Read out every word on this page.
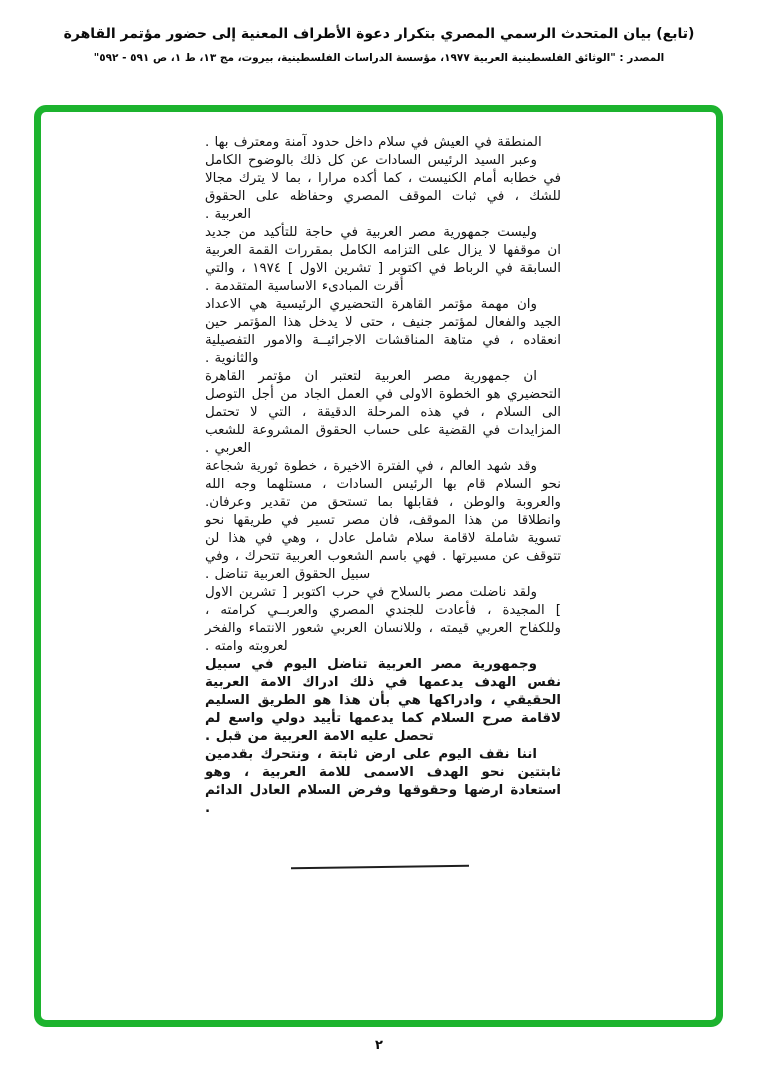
(تابع) بيان المتحدث الرسمي المصري بتكرار دعوة الأطراف المعنية إلى حضور مؤتمر القاهرة
المصدر : "الوثائق الفلسطينية العربية ١٩٧٧، مؤسسة الدراسات الفلسطينية، بيروت، مج ١٣، ط ١، ص ٥٩١ - ٥٩٢"

المنطقة في العيش في سلام داخل حدود آمنة ومعترف بها .

وعبر السيد الرئيس السادات عن كل ذلك بالوضوح الكامل في خطابه أمام الكنيست ، كما أكده مرارا ، بما لا يترك مجالا للشك ، في ثبات الموقف المصري وحفاظه على الحقوق العربية .

وليست جمهورية مصر العربية في حاجة للتأكيد من جديد ان موقفها لا يزال على التزامه الكامل بمقررات القمة العربية السابقة في الرباط في اكتوبر [ تشرين الاول ] ١٩٧٤ ، والتي أقرت المبادىء الاساسية المتقدمة .

وان مهمة مؤتمر القاهرة التحضيري الرئيسية هي الاعداد الجيد والفعال لمؤتمر جنيف ، حتى لا يدخل هذا المؤتمر حين انعقاده ، في متاهة المناقشات الاجرائيــة والامور التفصيلية والثانوية .

ان جمهورية مصر العربية لتعتبر ان مؤتمر القاهرة التحضيري هو الخطوة الاولى في العمل الجاد من أجل التوصل الى السلام ، في هذه المرحلة الدقيقة ، التي لا تحتمل المزايدات في القضية على حساب الحقوق المشروعة للشعب العربي .

وقد شهد العالم ، في الفترة الاخيرة ، خطوة ثورية شجاعة نحو السلام قام بها الرئيس السادات ، مستلهما وجه الله والعروبة والوطن ، فقابلها بما تستحق من تقدير وعرفان. وانطلاقا من هذا الموقف، فان مصر تسير في طريقها نحو تسوية شاملة لاقامة سلام شامل عادل ، وهي في هذا لن تتوقف عن مسيرتها . فهي باسم الشعوب العربية تتحرك ، وفي سبيل الحقوق العربية تناضل .

ولقد ناضلت مصر بالسلاح في حرب اكتوبر [ تشرين الاول ] المجيدة ، فأعادت للجندي المصري والعربــي كرامته ، وللكفاح العربي قيمته ، وللانسان العربي شعور الانتماء والفخر لعروبته وامته .

وجمهورية مصر العربية تناضل اليوم في سبيل نفس الهدف يدعمها في ذلك ادراك الامة العربية الحقيقي ، وادراكها هي بأن هذا هو الطريق السليم لاقامة صرح السلام كما يدعمها تأييد دولي واسع لم تحصل عليه الامة العربية من قبل .

اننا نقف اليوم على ارض ثابتة ، ونتحرك بقدمين ثابتتين نحو الهدف الاسمى للامة العربية ، وهو استعادة ارضها وحقوقها وفرض السلام العادل الدائم .

٢
